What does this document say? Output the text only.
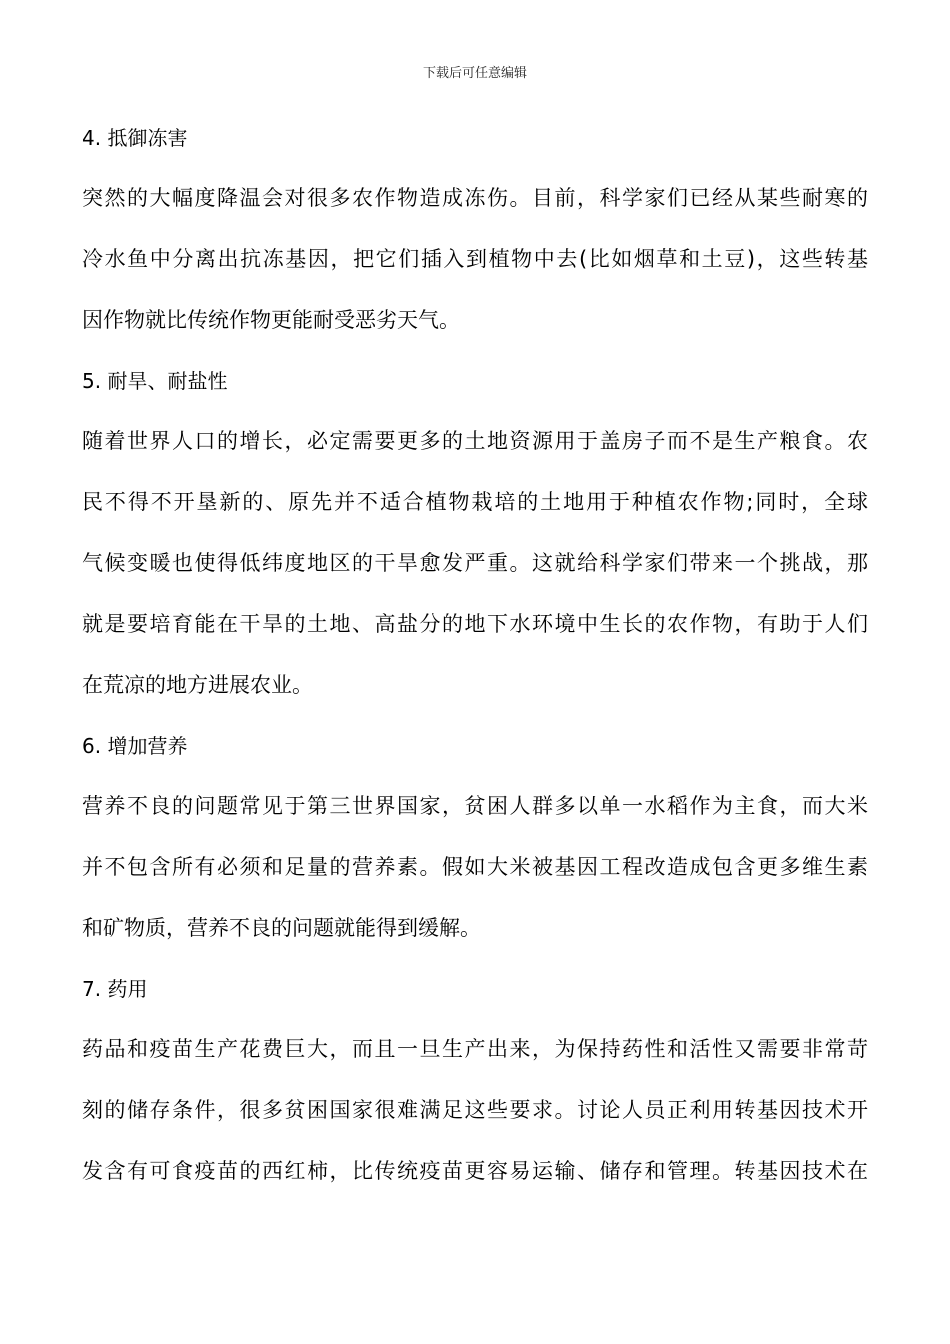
下载后可任意编辑
4. 抵御冻害
突然的大幅度降温会对很多农作物造成冻伤。目前，科学家们已经从某些耐寒的
冷水鱼中分离出抗冻基因，把它们插入到植物中去(比如烟草和土豆)，这些转基
因作物就比传统作物更能耐受恶劣天气。
5. 耐旱、耐盐性
随着世界人口的增长，必定需要更多的土地资源用于盖房子而不是生产粮食。农
民不得不开垦新的、原先并不适合植物栽培的土地用于种植农作物;同时，全球
气候变暖也使得低纬度地区的干旱愈发严重。这就给科学家们带来一个挑战，那
就是要培育能在干旱的土地、高盐分的地下水环境中生长的农作物，有助于人们
在荒凉的地方进展农业。
6. 增加营养
营养不良的问题常见于第三世界国家，贫困人群多以单一水稻作为主食，而大米
并不包含所有必须和足量的营养素。假如大米被基因工程改造成包含更多维生素
和矿物质，营养不良的问题就能得到缓解。
7. 药用
药品和疫苗生产花费巨大，而且一旦生产出来，为保持药性和活性又需要非常苛
刻的储存条件，很多贫困国家很难满足这些要求。讨论人员正利用转基因技术开
发含有可食疫苗的西红柿，比传统疫苗更容易运输、储存和管理。转基因技术在
